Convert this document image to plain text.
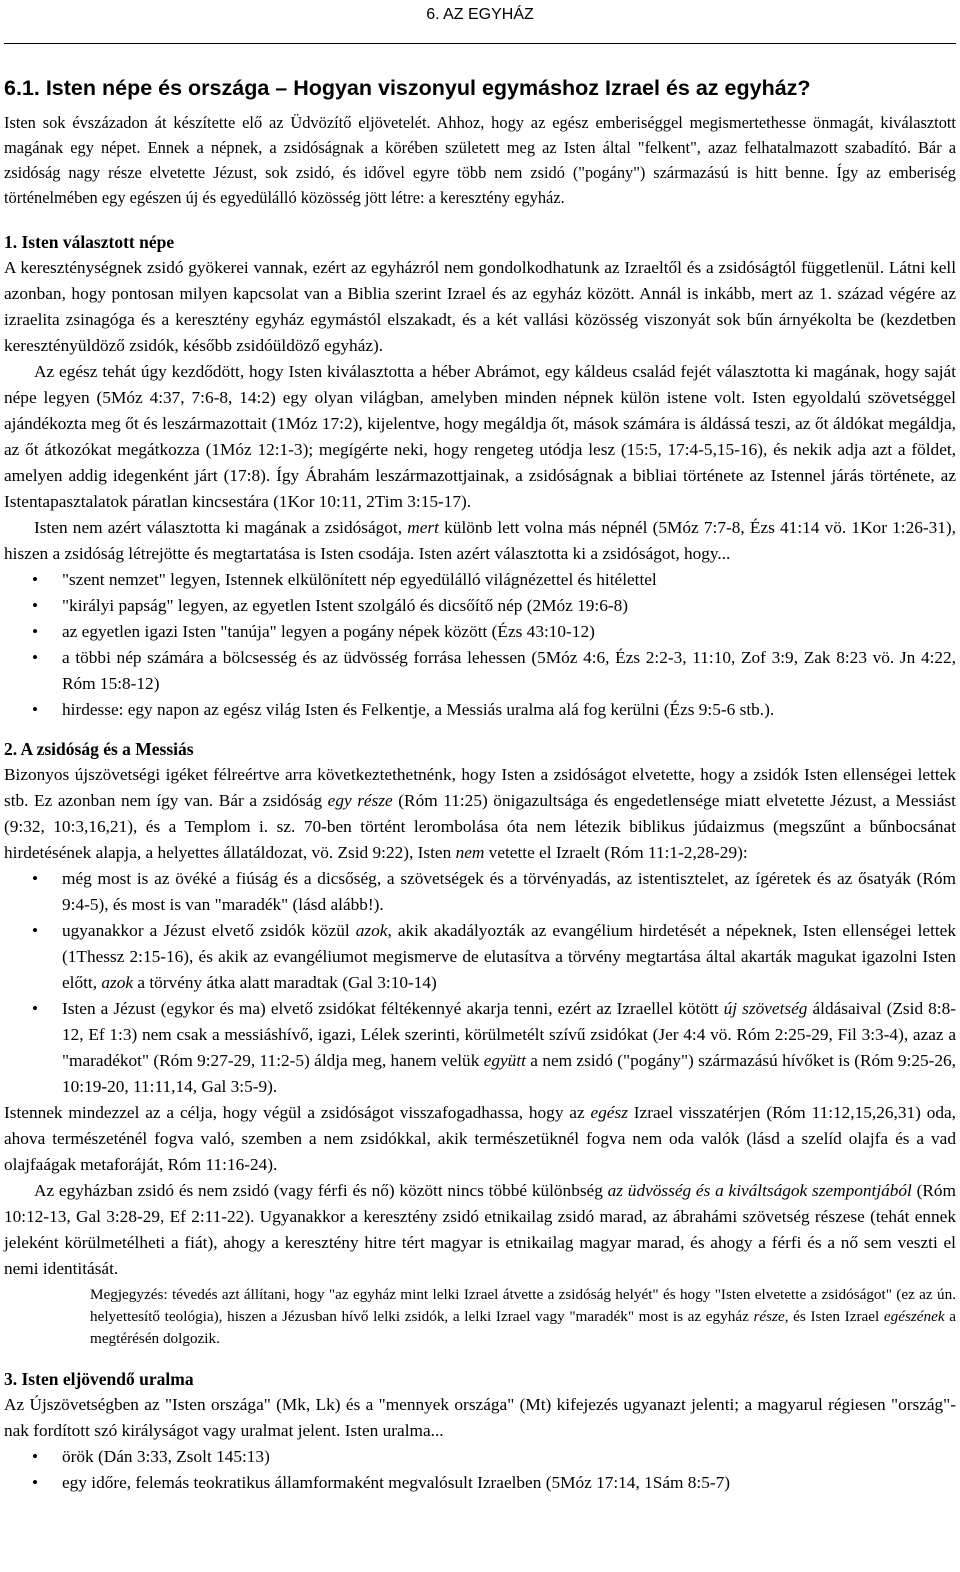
6. AZ EGYHÁZ
6.1. Isten népe és országa – Hogyan viszonyul egymáshoz Izrael és az egyház?

Isten sok évszázadon át készítette elő az Üdvözítő eljövetelét. Ahhoz, hogy az egész emberiséggel megismertethesse önmagát, kiválasztott magának egy népet. Ennek a népnek, a zsidóságnak a körében született meg az Isten által "felkent", azaz felhatalmazott szabadító. Bár a zsidóság nagy része elvetette Jézust, sok zsidó, és idővel egyre több nem zsidó ("pogány") származású is hitt benne. Így az emberiség történelmében egy egészen új és egyedülálló közösség jött létre: a keresztény egyház.

1. Isten választott népe

A kereszténységnek zsidó gyökerei vannak, ezért az egyházról nem gondolkodhatunk az Izraeltől és a zsidóságtól függetlenül. Látni kell azonban, hogy pontosan milyen kapcsolat van a Biblia szerint Izrael és az egyház között. Annál is inkább, mert az 1. század végére az izraelita zsinagóga és a keresztény egyház egymástól elszakadt, és a két vallási közösség viszonyát sok bűn árnyékolta be (kezdetben keresztényüldöző zsidók, később zsidóüldöző egyház).

Az egész tehát úgy kezdődött, hogy Isten kiválasztotta a héber Abrámot, egy káldeus család fejét választotta ki magának, hogy saját népe legyen (5Móz 4:37, 7:6-8, 14:2) egy olyan világban, amelyben minden népnek külön istene volt. Isten egyoldalú szövetséggel ajándékozta meg őt és leszármazottait (1Móz 17:2), kijelentve, hogy megáldja őt, mások számára is áldássá teszi, az őt áldókat megáldja, az őt átkozókat megátkozza (1Móz 12:1-3); megígérte neki, hogy rengeteg utódja lesz (15:5, 17:4-5,15-16), és nekik adja azt a földet, amelyen addig idegenként járt (17:8). Így Ábrahám leszármazottjainak, a zsidóságnak a bibliai története az Istennel járás története, az Istentapasztalatok páratlan kincsestára (1Kor 10:11, 2Tim 3:15-17).

Isten nem azért választotta ki magának a zsidóságot, mert különb lett volna más népnél (5Móz 7:7-8, Ézs 41:14 vö. 1Kor 1:26-31), hiszen a zsidóság létrejötte és megtartatása is Isten csodája. Isten azért választotta ki a zsidóságot, hogy...

• "szent nemzet" legyen, Istennek elkülönített nép egyedülálló világnézettel és hitélettel
• "királyi papság" legyen, az egyetlen Istent szolgáló és dicsőítő nép (2Móz 19:6-8)
• az egyetlen igazi Isten "tanúja" legyen a pogány népek között (Ézs 43:10-12)
• a többi nép számára a bölcsesség és az üdvösség forrása lehessen (5Móz 4:6, Ézs 2:2-3, 11:10, Zof 3:9, Zak 8:23 vö. Jn 4:22, Róm 15:8-12)
• hirdesse: egy napon az egész világ Isten és Felkentje, a Messiás uralma alá fog kerülni (Ézs 9:5-6 stb.).
2. A zsidóság és a Messiás

Bizonyos újszövetségi igéket félreértve arra következtethetnénk, hogy Isten a zsidóságot elvetette, hogy a zsidók Isten ellenségei lettek stb. Ez azonban nem így van. Bár a zsidóság egy része (Róm 11:25) önigazultsága és engedetlensége miatt elvetette Jézust, a Messiást (9:32, 10:3,16,21), és a Templom i. sz. 70-ben történt lerombolása óta nem létezik biblikus júdaizmus (megszűnt a bűnbocsánat hirdetésének alapja, a helyettes állatáldozat, vö. Zsid 9:22), Isten nem vetette el Izraelt (Róm 11:1-2,28-29):

• még most is az övéké a fiúság és a dicsőség, a szövetségek és a törvényadás, az istentisztelet, az ígéretek és az ősatyák (Róm 9:4-5), és most is van "maradék" (lásd alább!).
• ugyanakkor a Jézust elvető zsidók közül azok, akik akadályozták az evangélium hirdetését a népeknek, Isten ellenségei lettek (1Thessz 2:15-16), és akik az evangéliumot megismerve de elutasítva a törvény megtartása által akarták magukat igazolni Isten előtt, azok a törvény átka alatt maradtak (Gal 3:10-14)
• Isten a Jézust (egykor és ma) elvető zsidókat féltékennyé akarja tenni, ezért az Izraellel kötött új szövetség áldásaival (Zsid 8:8-12, Ef 1:3) nem csak a messiáshívő, igazi, Lélek szerinti, körülmetélt szívű zsidókat (Jer 4:4 vö. Róm 2:25-29, Fil 3:3-4), azaz a "maradékot" (Róm 9:27-29, 11:2-5) áldja meg, hanem velük együtt a nem zsidó ("pogány") származású hívőket is (Róm 9:25-26, 10:19-20, 11:11,14, Gal 3:5-9).

Istennek mindezzel az a célja, hogy végül a zsidóságot visszafogadhassa, hogy az egész Izrael visszatérjen (Róm 11:12,15,26,31) oda, ahova természeténél fogva való, szemben a nem zsidókkal, akik természetüknél fogva nem oda valók (lásd a szelíd olajfa és a vad olajfaágak metaforáját, Róm 11:16-24).

Az egyházban zsidó és nem zsidó (vagy férfi és nő) között nincs többé különbség az üdvösség és a kiváltságok szempontjából (Róm 10:12-13, Gal 3:28-29, Ef 2:11-22). Ugyanakkor a keresztény zsidó etnikailag zsidó marad, az ábrahámi szövetség részese (tehát ennek jeleként körülmetélheti a fiát), ahogy a keresztény hitre tért magyar is etnikailag magyar marad, és ahogy a férfi és a nő sem veszti el nemi identitását.

Megjegyzés: tévedés azt állítani, hogy "az egyház mint lelki Izrael átvette a zsidóság helyét" és hogy "Isten elvetette a zsidóságot" (ez az ún. helyettesítő teológia), hiszen a Jézusban hívő lelki zsidók, a lelki Izrael vagy "maradék" most is az egyház része, és Isten Izrael egészének a megtérésén dolgozik.

3. Isten eljövendő uralma

Az Újszövetségben az "Isten országa" (Mk, Lk) és a "mennyek országa" (Mt) kifejezés ugyanazt jelenti; a magyarul régiesen "ország"-nak fordított szó királyságot vagy uralmat jelent. Isten uralma...

• örök (Dán 3:33, Zsolt 145:13)
• egy időre, felemás teokratikus államformaként megvalósult Izraelben (5Móz 17:14, 1Sám 8:5-7)
